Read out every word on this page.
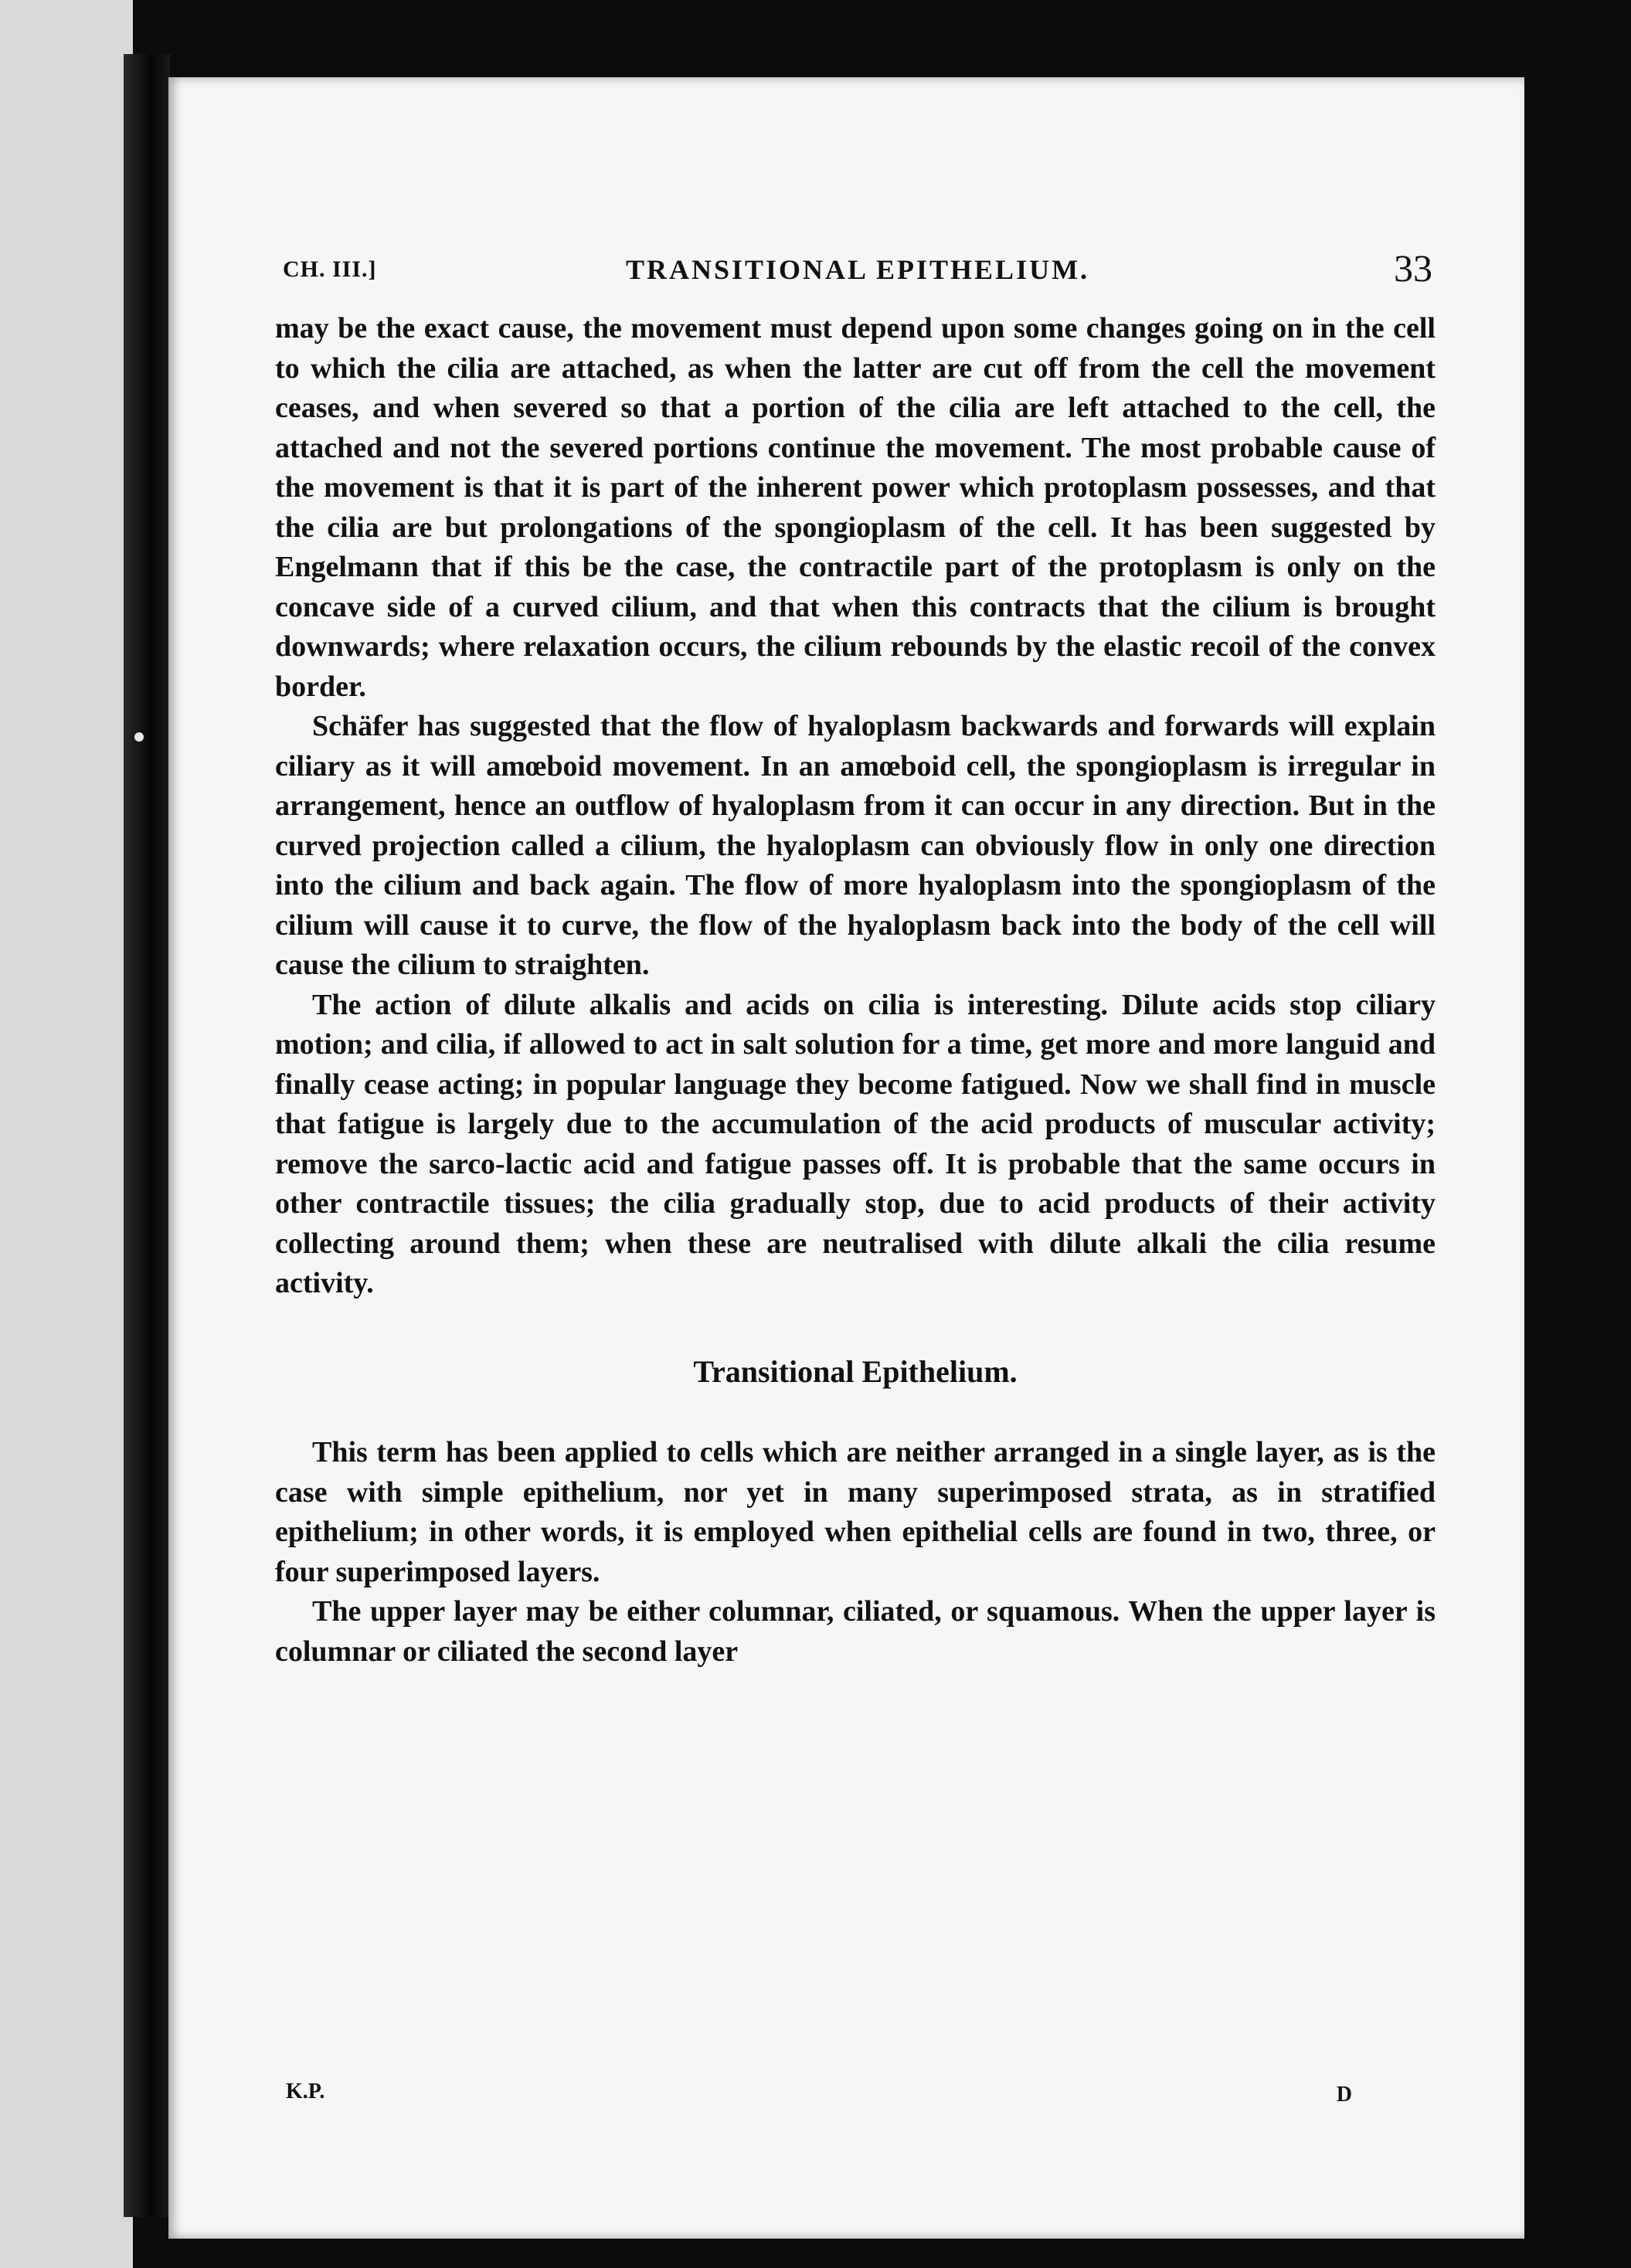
CH. III.]	TRANSITIONAL EPITHELIUM.	33

may be the exact cause, the movement must depend upon some changes going on in the cell to which the cilia are attached, as when the latter are cut off from the cell the movement ceases, and when severed so that a portion of the cilia are left attached to the cell, the attached and not the severed portions continue the movement. The most probable cause of the movement is that it is part of the inherent power which protoplasm possesses, and that the cilia are but prolongations of the spongioplasm of the cell. It has been suggested by Engelmann that if this be the case, the contractile part of the protoplasm is only on the concave side of a curved cilium, and that when this contracts that the cilium is brought downwards; where relaxation occurs, the cilium rebounds by the elastic recoil of the convex border.

Schäfer has suggested that the flow of hyaloplasm backwards and forwards will explain ciliary as it will amœboid movement. In an amœboid cell, the spongioplasm is irregular in arrangement, hence an outflow of hyaloplasm from it can occur in any direction. But in the curved projection called a cilium, the hyaloplasm can obviously flow in only one direction into the cilium and back again. The flow of more hyaloplasm into the spongioplasm of the cilium will cause it to curve, the flow of the hyaloplasm back into the body of the cell will cause the cilium to straighten.

The action of dilute alkalis and acids on cilia is interesting. Dilute acids stop ciliary motion; and cilia, if allowed to act in salt solution for a time, get more and more languid and finally cease acting; in popular language they become fatigued. Now we shall find in muscle that fatigue is largely due to the accumulation of the acid products of muscular activity; remove the sarco-lactic acid and fatigue passes off. It is probable that the same occurs in other contractile tissues; the cilia gradually stop, due to acid products of their activity collecting around them; when these are neutralised with dilute alkali the cilia resume activity.

Transitional Epithelium.

This term has been applied to cells which are neither arranged in a single layer, as is the case with simple epithelium, nor yet in many superimposed strata, as in stratified epithelium; in other words, it is employed when epithelial cells are found in two, three, or four superimposed layers.

The upper layer may be either columnar, ciliated, or squamous. When the upper layer is columnar or ciliated the second layer

K.P.	D
